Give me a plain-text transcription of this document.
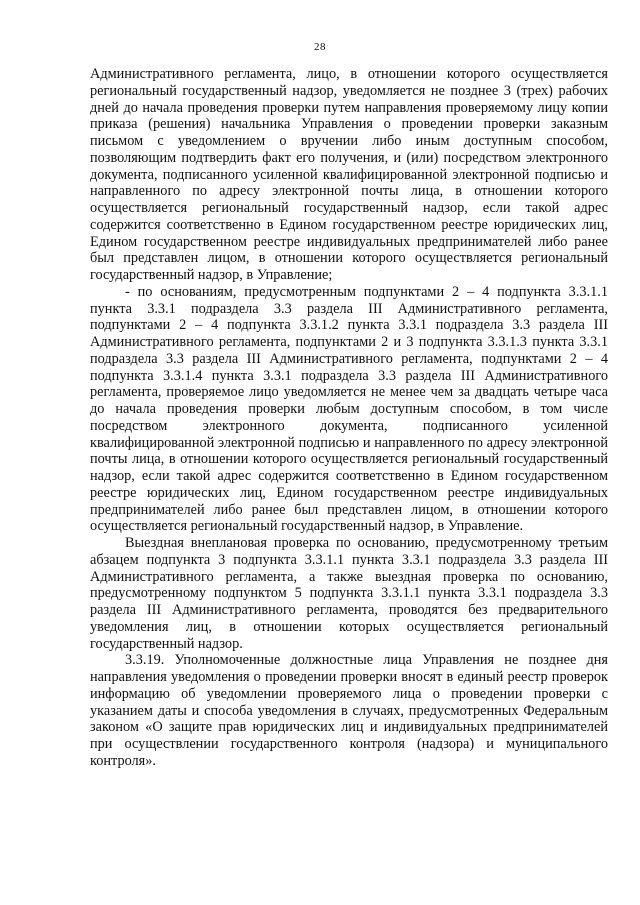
28

Административного регламента, лицо, в отношении которого осуществляется региональный государственный надзор, уведомляется не позднее 3 (трех) рабочих дней до начала проведения проверки путем направления проверяемому лицу копии приказа (решения) начальника Управления о проведении проверки заказным письмом с уведомлением о вручении либо иным доступным способом, позволяющим подтвердить факт его получения, и (или) посредством электронного документа, подписанного усиленной квалифицированной электронной подписью и направленного по адресу электронной почты лица, в отношении которого осуществляется региональный государственный надзор, если такой адрес содержится соответственно в Едином государственном реестре юридических лиц, Едином государственном реестре индивидуальных предпринимателей либо ранее был представлен лицом, в отношении которого осуществляется региональный государственный надзор, в Управление;

- по основаниям, предусмотренным подпунктами 2 – 4 подпункта 3.3.1.1 пункта 3.3.1 подраздела 3.3 раздела III Административного регламента, подпунктами 2 – 4 подпункта 3.3.1.2 пункта 3.3.1 подраздела 3.3 раздела III Административного регламента, подпунктами 2 и 3 подпункта 3.3.1.3 пункта 3.3.1 подраздела 3.3 раздела III Административного регламента, подпунктами 2 – 4 подпункта 3.3.1.4 пункта 3.3.1 подраздела 3.3 раздела III Административного регламента, проверяемое лицо уведомляется не менее чем за двадцать четыре часа до начала проведения проверки любым доступным способом, в том числе посредством электронного документа, подписанного усиленной квалифицированной электронной подписью и направленного по адресу электронной почты лица, в отношении которого осуществляется региональный государственный надзор, если такой адрес содержится соответственно в Едином государственном реестре юридических лиц, Едином государственном реестре индивидуальных предпринимателей либо ранее был представлен лицом, в отношении которого осуществляется региональный государственный надзор, в Управление.

Выездная внеплановая проверка по основанию, предусмотренному третьим абзацем подпункта 3 подпункта 3.3.1.1 пункта 3.3.1 подраздела 3.3 раздела III Административного регламента, а также выездная проверка по основанию, предусмотренному подпунктом 5 подпункта 3.3.1.1 пункта 3.3.1 подраздела 3.3 раздела III Административного регламента, проводятся без предварительного уведомления лиц, в отношении которых осуществляется региональный государственный надзор.

3.3.19. Уполномоченные должностные лица Управления не позднее дня направления уведомления о проведении проверки вносят в единый реестр проверок информацию об уведомлении проверяемого лица о проведении проверки с указанием даты и способа уведомления в случаях, предусмотренных Федеральным законом «О защите прав юридических лиц и индивидуальных предпринимателей при осуществлении государственного контроля (надзора) и муниципального контроля».
